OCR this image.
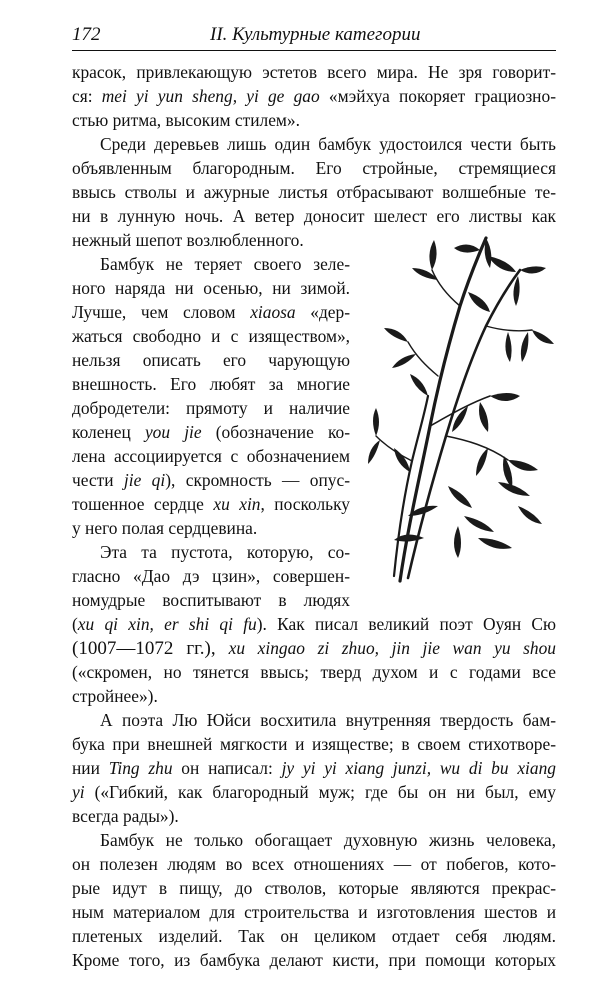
172	II. Культурные категории
красок, привлекающую эстетов всего мира. Не зря говорит-
ся: mei yi yun sheng, yi ge gao «мэйхуа покоряет грациозно-
стью ритма, высоким стилем».
Среди деревьев лишь один бамбук удостоился чести быть
объявленным благородным. Его стройные, стремящиеся
ввысь стволы и ажурные листья отбрасывают волшебные те-
ни в лунную ночь. А ветер доносит шелест его листвы как
нежный шепот возлюбленного.
Бамбук не теряет своего зеле-
ного наряда ни осенью, ни зимой.
Лучше, чем словом xiaosa «дер-
жаться свободно и с изяществом»,
нельзя описать его чарующую
внешность. Его любят за многие
добродетели: прямоту и наличие
коленец you jie (обозначение ко-
лена ассоциируется с обозначением
чести jie qi), скромность — опус-
тошенное сердце xu xin, поскольку
у него полая сердцевина.
Эта та пустота, которую, со-
гласно «Дао дэ цзин», совершен-
номудрые воспитывают в людях
(xu qi xin, er shi qi fu). Как писал великий поэт Оуян Сю
(1007—1072 гг.), xu xingao zi zhuo, jin jie wan yu shou
(«скромен, но тянется ввысь; тверд духом и с годами все
стройнее»).
А поэта Лю Юйси восхитила внутренняя твердость бам-
бука при внешней мягкости и изяществе; в своем стихотворе-
нии Ting zhu он написал: jy yi yi xiang junzi, wu di bu xiang
yi («Гибкий, как благородный муж; где бы он ни был, ему
всегда рады»).
Бамбук не только обогащает духовную жизнь человека,
он полезен людям во всех отношениях — от побегов, кото-
рые идут в пищу, до стволов, которые являются прекрас-
ным материалом для строительства и изготовления шестов и
плетеных изделий. Так он целиком отдает себя людям.
Кроме того, из бамбука делают кисти, при помощи которых
